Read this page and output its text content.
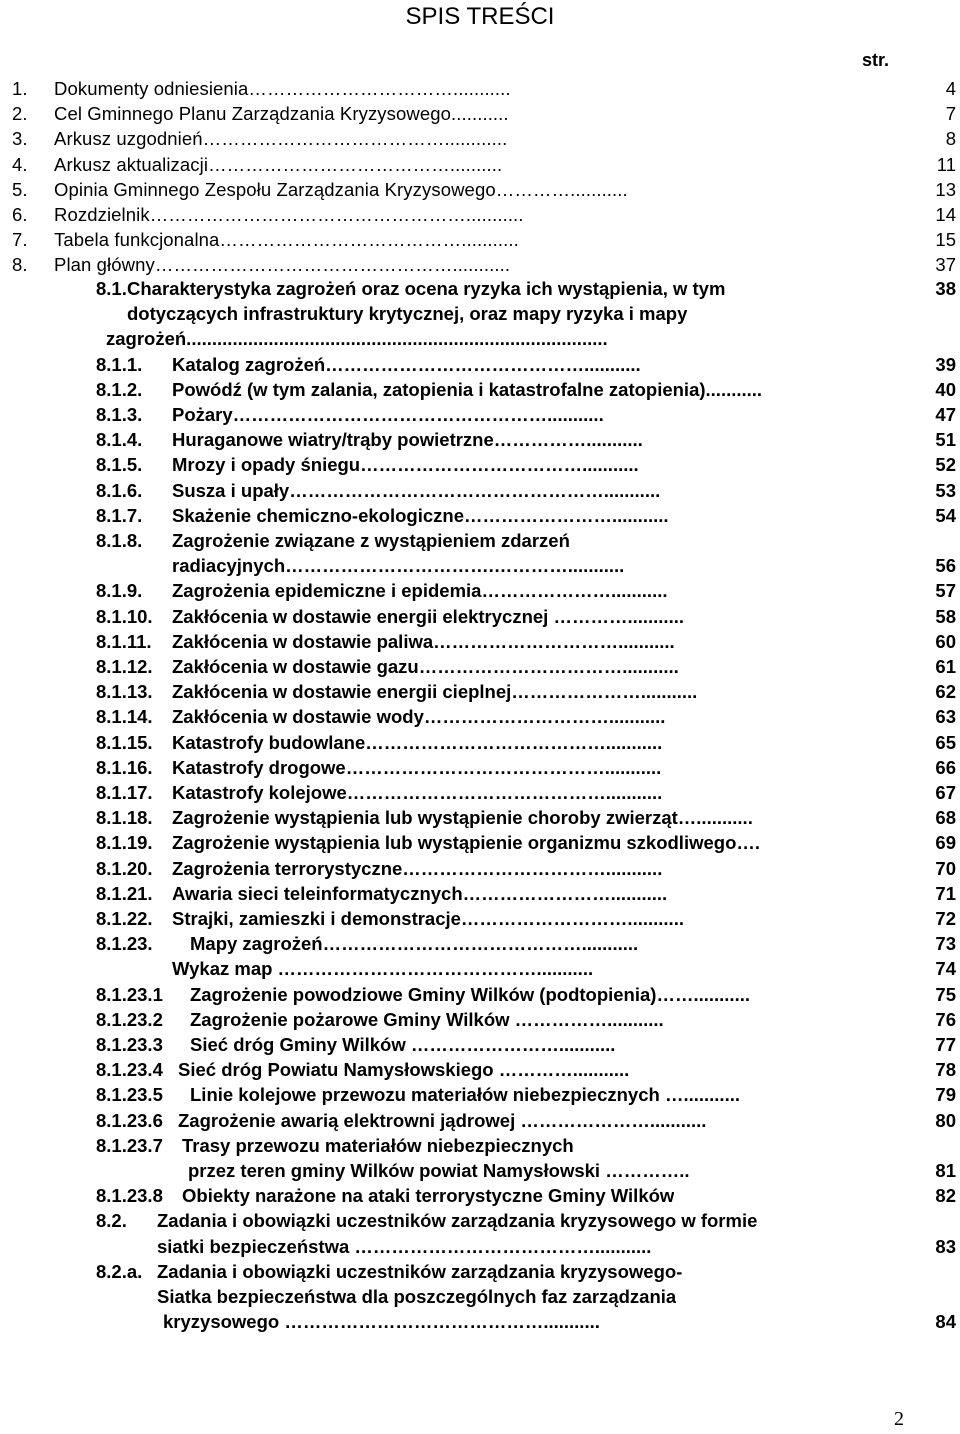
SPIS TREŚCI
str.
1. Dokumenty odniesienia……………………………...........	4
2. Cel Gminnego Planu Zarządzania Kryzysowego...........	7
3. Arkusz uzgodnień…………………………………............	8
4. Arkusz aktualizacji…………………………………..........	11
5. Opinia Gminnego Zespołu Zarządzania Kryzysowego…………...........	13
6. Rozdzielnik……………………………………………...........	14
7. Tabela funkcjonalna…………………………………...........	15
8. Plan główny…………………………………………...........	37
8.1. Charakterystyka zagrożeń oraz ocena ryzyka ich wystąpienia, w tym	38
dotyczących infrastruktury krytycznej, oraz mapy ryzyka i mapy
zagrożeń..................................................................................
8.1.1. Katalog zagrożeń……………………………………...........	39
8.1.2. Powódź (w tym zalania, zatopienia i katastrofalne zatopienia)...........	40
8.1.3. Pożary……………………………………………...........	47
8.1.4. Huraganowe wiatry/trąby powietrzne……………...........	51
8.1.5. Mrozy i opady śniegu………………………………...........	52
8.1.6. Susza i upały……………………………………………...........	53
8.1.7. Skażenie chemiczno-ekologiczne……………………...........	54
8.1.8. Zagrożenie związane z wystąpieniem zdarzeń
radiacyjnych…………………………….…………...........	56
8.1.9. Zagrożenia epidemiczne i epidemia…………………...........	57
8.1.10. Zakłócenia w dostawie energii elektrycznej …………...........	58
8.1.11. Zakłócenia w dostawie paliwa…………………………...........	60
8.1.12. Zakłócenia w dostawie gazu……………………………...........	61
8.1.13. Zakłócenia w dostawie energii cieplnej…………………...........	62
8.1.14. Zakłócenia w dostawie wody…………………………...........	63
8.1.15. Katastrofy budowlane…………………………………...........	65
8.1.16. Katastrofy drogowe……………………………………...........	66
8.1.17. Katastrofy kolejowe……………………………………...........	67
8.1.18. Zagrożenie wystąpienia lub wystąpienie choroby zwierząt…...........	68
8.1.19. Zagrożenie wystąpienia lub wystąpienie organizmu szkodliwego….	69
8.1.20. Zagrożenia terrorystyczne……………………………...........	70
8.1.21. Awaria sieci teleinformatycznych……………………...........	71
8.1.22. Strajki, zamieszki i demonstracje………………………...........	72
8.1.23. Mapy zagrożeń……………………………………...........	73
Wykaz map ……………………………………...........	74
8.1.23.1 Zagrożenie powodziowe Gminy Wilków (podtopienia)……...........	75
8.1.23.2 Zagrożenie pożarowe Gminy Wilków ……………...........	76
8.1.23.3 Sieć dróg Gminy Wilków ……………………...........	77
8.1.23.4 Sieć dróg Powiatu Namysłowskiego …………...........	78
8.1.23.5 Linie kolejowe przewozu materiałów niebezpiecznych …...........	79
8.1.23.6 Zagrożenie awarią elektrowni jądrowej …………………...........	80
8.1.23.7 Trasy przewozu materiałów niebezpiecznych
przez teren gminy Wilków powiat Namysłowski …………..	81
8.1.23.8 Obiekty narażone na ataki terrorystyczne Gminy Wilków	82
8.2. Zadania i obowiązki uczestników zarządzania kryzysowego w formie
siatki bezpieczeństwa …………………………………...........	83
8.2.a. Zadania i obowiązki uczestników zarządzania kryzysowego-
Siatka bezpieczeństwa dla poszczególnych faz zarządzania
kryzysowego ……………………………………...........	84
2
